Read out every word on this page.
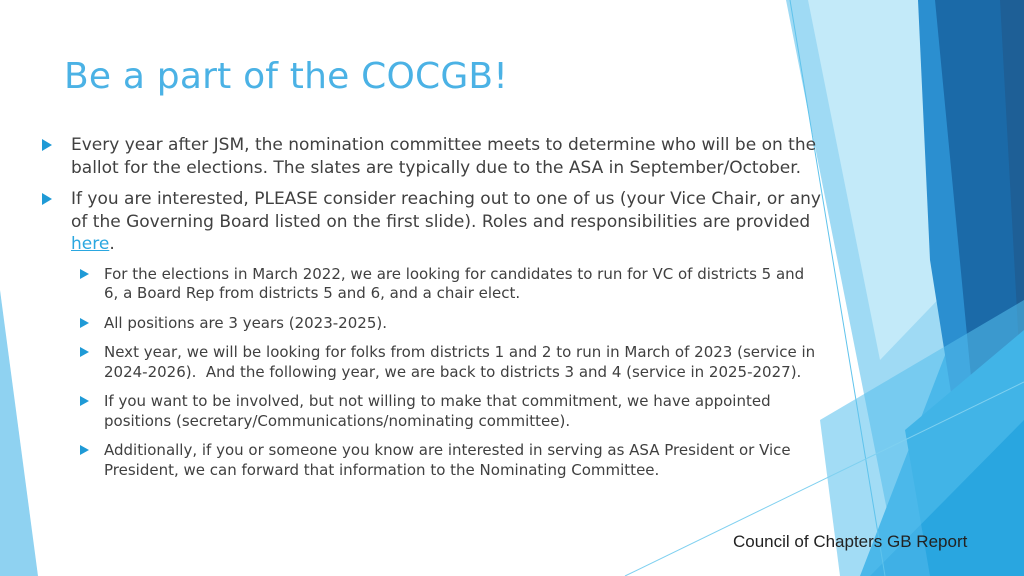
Be a part of the COCGB!
Every year after JSM, the nomination committee meets to determine who will be on the ballot for the elections. The slates are typically due to the ASA in September/October.
If you are interested, PLEASE consider reaching out to one of us (your Vice Chair, or any of the Governing Board listed on the first slide). Roles and responsibilities are provided here.
For the elections in March 2022, we are looking for candidates to run for VC of districts 5 and 6, a Board Rep from districts 5 and 6, and a chair elect.
All positions are 3 years (2023-2025).
Next year, we will be looking for folks from districts 1 and 2 to run in March of 2023 (service in 2024-2026).  And the following year, we are back to districts 3 and 4 (service in 2025-2027).
If you want to be involved, but not willing to make that commitment, we have appointed positions (secretary/Communications/nominating committee).
Additionally, if you or someone you know are interested in serving as ASA President or Vice President, we can forward that information to the Nominating Committee.
Council of Chapters GB Report
